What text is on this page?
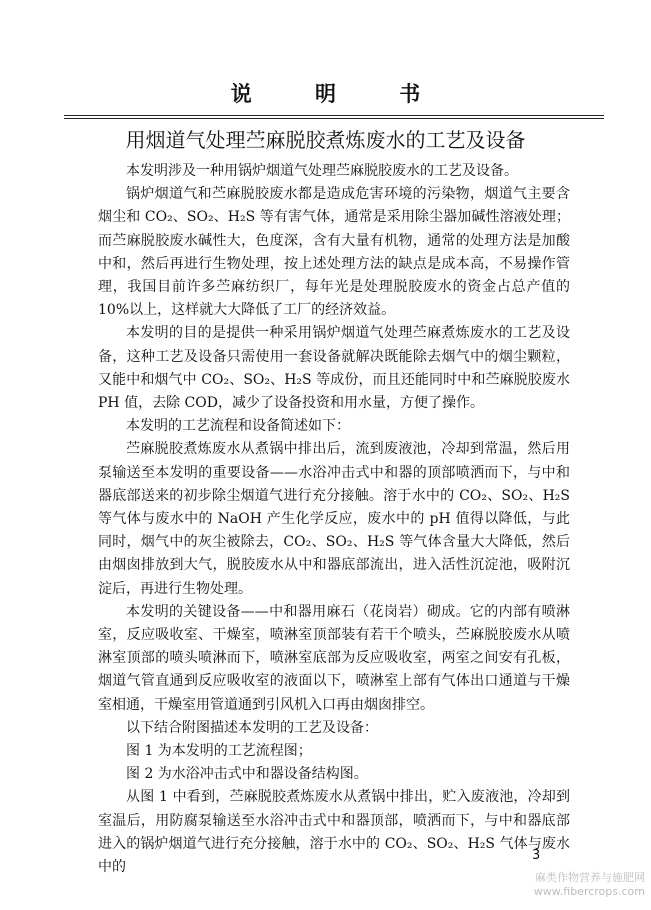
说 明 书
用烟道气处理苎麻脱胶煮炼废水的工艺及设备

本发明涉及一种用锅炉烟道气处理苎麻脱胶废水的工艺及设备。

锅炉烟道气和苎麻脱胶废水都是造成危害环境的污染物，烟道气主要含烟尘和 CO₂、SO₂、H₂S 等有害气体，通常是采用除尘器加碱性溶液处理；而苎麻脱胶废水碱性大，色度深，含有大量有机物，通常的处理方法是加酸中和，然后再进行生物处理，按上述处理方法的缺点是成本高，不易操作管理，我国目前许多苎麻纺织厂，每年光是处理脱胶废水的资金占总产值的 10%以上，这样就大大降低了工厂的经济效益。

本发明的目的是提供一种采用锅炉烟道气处理苎麻煮炼废水的工艺及设备，这种工艺及设备只需使用一套设备就解决既能除去烟气中的烟尘颗粒，又能中和烟气中 CO₂、SO₂、H₂S 等成份，而且还能同时中和苎麻脱胶废水 PH 值，去除 COD，减少了设备投资和用水量，方便了操作。

本发明的工艺流程和设备简述如下：

苎麻脱胶煮炼废水从煮锅中排出后，流到废液池，冷却到常温，然后用泵输送至本发明的重要设备——水浴冲击式中和器的顶部喷洒而下，与中和器底部送来的初步除尘烟道气进行充分接触。溶于水中的 CO₂、SO₂、H₂S 等气体与废水中的 NaOH 产生化学反应，废水中的 pH 值得以降低，与此同时，烟气中的灰尘被除去，CO₂、SO₂、H₂S 等气体含量大大降低，然后由烟囱排放到大气，脱胶废水从中和器底部流出，进入活性沉淀池，吸附沉淀后，再进行生物处理。

本发明的关键设备——中和器用麻石（花岗岩）砌成。它的内部有喷淋室，反应吸收室、干燥室，喷淋室顶部装有若干个喷头，苎麻脱胶废水从喷淋室顶部的喷头喷淋而下，喷淋室底部为反应吸收室，两室之间安有孔板，烟道气管直通到反应吸收室的液面以下，喷淋室上部有气体出口通道与干燥室相通，干燥室用管道通到引风机入口再由烟囱排空。

以下结合附图描述本发明的工艺及设备：

图 1 为本发明的工艺流程图；

图 2 为水浴冲击式中和器设备结构图。

从图 1 中看到，苎麻脱胶煮炼废水从煮锅中排出，贮入废液池，冷却到室温后，用防腐泵输送至水浴冲击式中和器顶部，喷洒而下，与中和器底部进入的锅炉烟道气进行充分接触，溶于水中的 CO₂、SO₂、H₂S 气体与废水中的

3
麻类作物营养与施肥网
www.fibercrops.com
